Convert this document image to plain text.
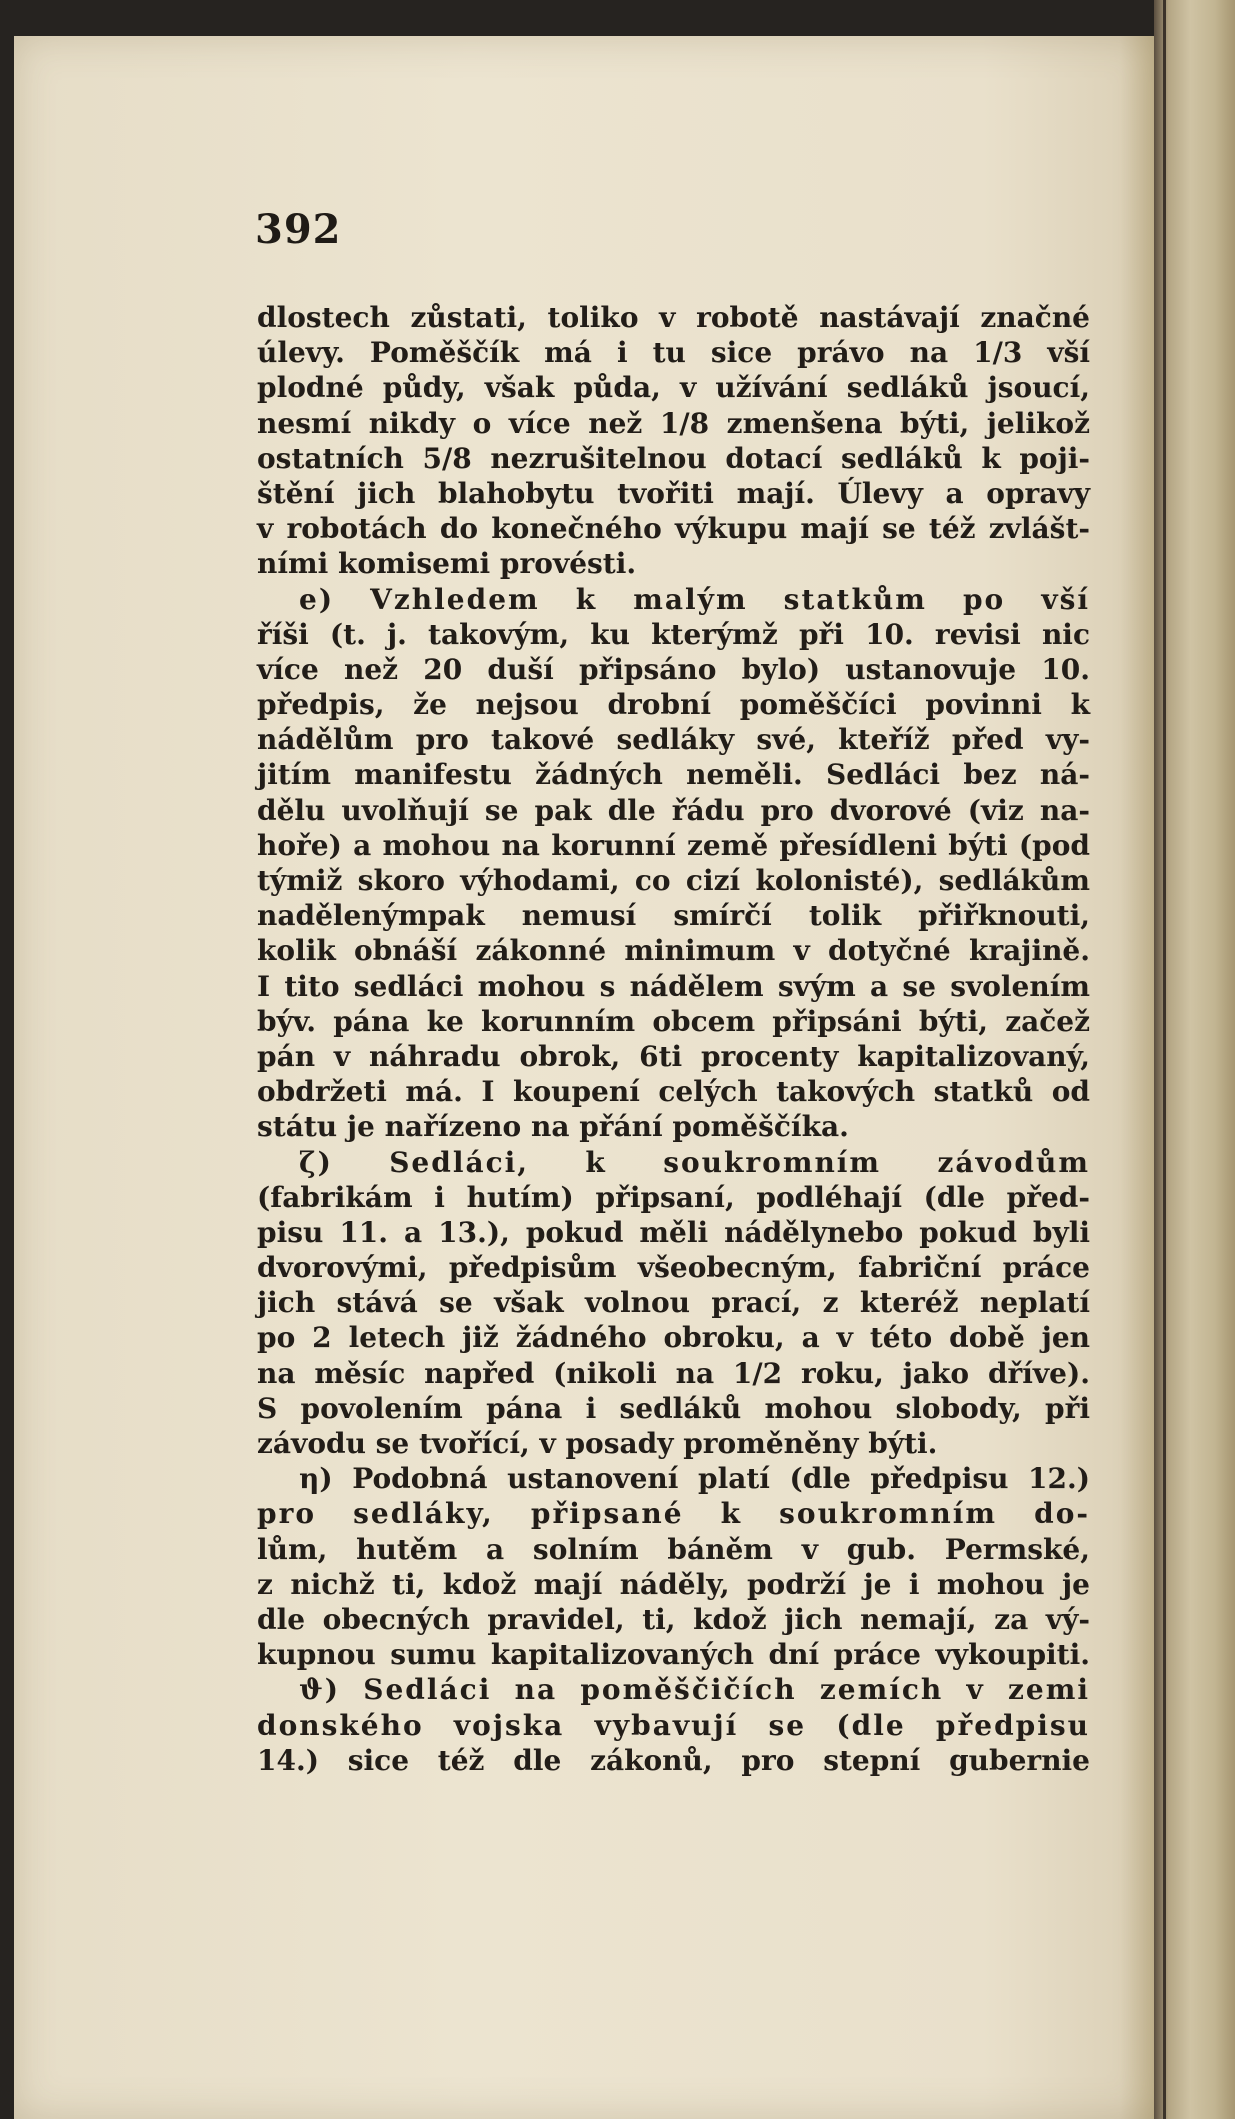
392
dlostech zůstati, toliko v robotě nastávají značné
úlevy. Poměščík má i tu sice právo na 1/3 vší
plodné půdy, však půda, v užívání sedláků jsoucí,
nesmí nikdy o více než 1/8 zmenšena býti, jelikož
ostatních 5/8 nezrušitelnou dotací sedláků k poji-
štění jich blahobytu tvořiti mají. Úlevy a opravy
v robotách do konečného výkupu mají se též zvlášt-
ními komisemi provésti.
e) Vzhledem k malým statkům po vší
říši (t. j. takovým, ku kterýmž při 10. revisi nic
více než 20 duší připsáno bylo) ustanovuje 10.
předpis, že nejsou drobní poměščíci povinni k
nádělům pro takové sedláky své, kteříž před vy-
jitím manifestu žádných neměli. Sedláci bez ná-
dělu uvolňují se pak dle řádu pro dvorové (viz na-
hoře) a mohou na korunní země přesídleni býti (pod
týmiž skoro výhodami, co cizí kolonisté), sedlákům
nadělenýmpak nemusí smírčí tolik přiřknouti,
kolik obnáší zákonné minimum v dotyčné krajině.
I tito sedláci mohou s nádělem svým a se svolením
býv. pána ke korunním obcem připsáni býti, začež
pán v náhradu obrok, 6ti procenty kapitalizovaný,
obdržeti má. I koupení celých takových statků od
státu je nařízeno na přání poměščíka.
ζ) Sedláci, k soukromním závodům
(fabrikám i hutím) připsaní, podléhají (dle před-
pisu 11. a 13.), pokud měli nádělynebo pokud byli
dvorovými, předpisům všeobecným, fabriční práce
jich stává se však volnou prací, z kteréž neplatí
po 2 letech již žádného obroku, a v této době jen
na měsíc napřed (nikoli na 1/2 roku, jako dříve).
S povolením pána i sedláků mohou slobody, při
závodu se tvořící, v posady proměněny býti.
η) Podobná ustanovení platí (dle předpisu 12.)
pro sedláky, připsané k soukromním do-
lům, hutěm a solním báněm v gub. Permské,
z nichž ti, kdož mají náděly, podrží je i mohou je
dle obecných pravidel, ti, kdož jich nemají, za vý-
kupnou sumu kapitalizovaných dní práce vykoupiti.
ϑ) Sedláci na poměščičích zemích v zemi
donského vojska vybavují se (dle předpisu
14.) sice též dle zákonů, pro stepní gubernie
